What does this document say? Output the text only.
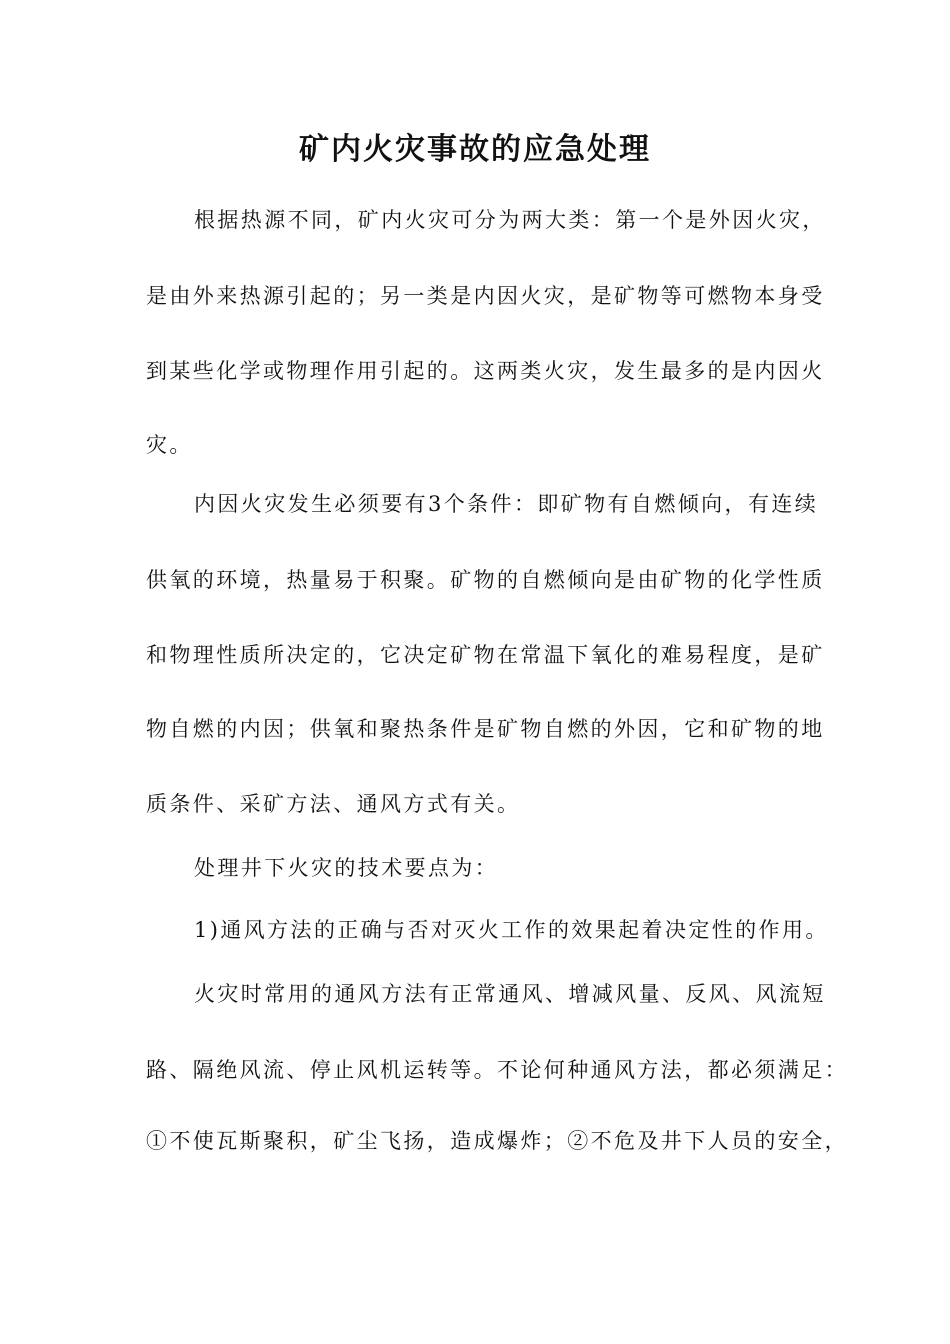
矿内火灾事故的应急处理
根据热源不同，矿内火灾可分为两大类：第一个是外因火灾，
是由外来热源引起的；另一类是内因火灾，是矿物等可燃物本身受
到某些化学或物理作用引起的。这两类火灾，发生最多的是内因火
灾。
内因火灾发生必须要有3个条件：即矿物有自燃倾向，有连续
供氧的环境，热量易于积聚。矿物的自燃倾向是由矿物的化学性质
和物理性质所决定的，它决定矿物在常温下氧化的难易程度，是矿
物自燃的内因；供氧和聚热条件是矿物自燃的外因，它和矿物的地
质条件、采矿方法、通风方式有关。
处理井下火灾的技术要点为：
1)通风方法的正确与否对灭火工作的效果起着决定性的作用。
火灾时常用的通风方法有正常通风、增减风量、反风、风流短
路、隔绝风流、停止风机运转等。不论何种通风方法，都必须满足：
①不使瓦斯聚积，矿尘飞扬，造成爆炸；②不危及井下人员的安全，
